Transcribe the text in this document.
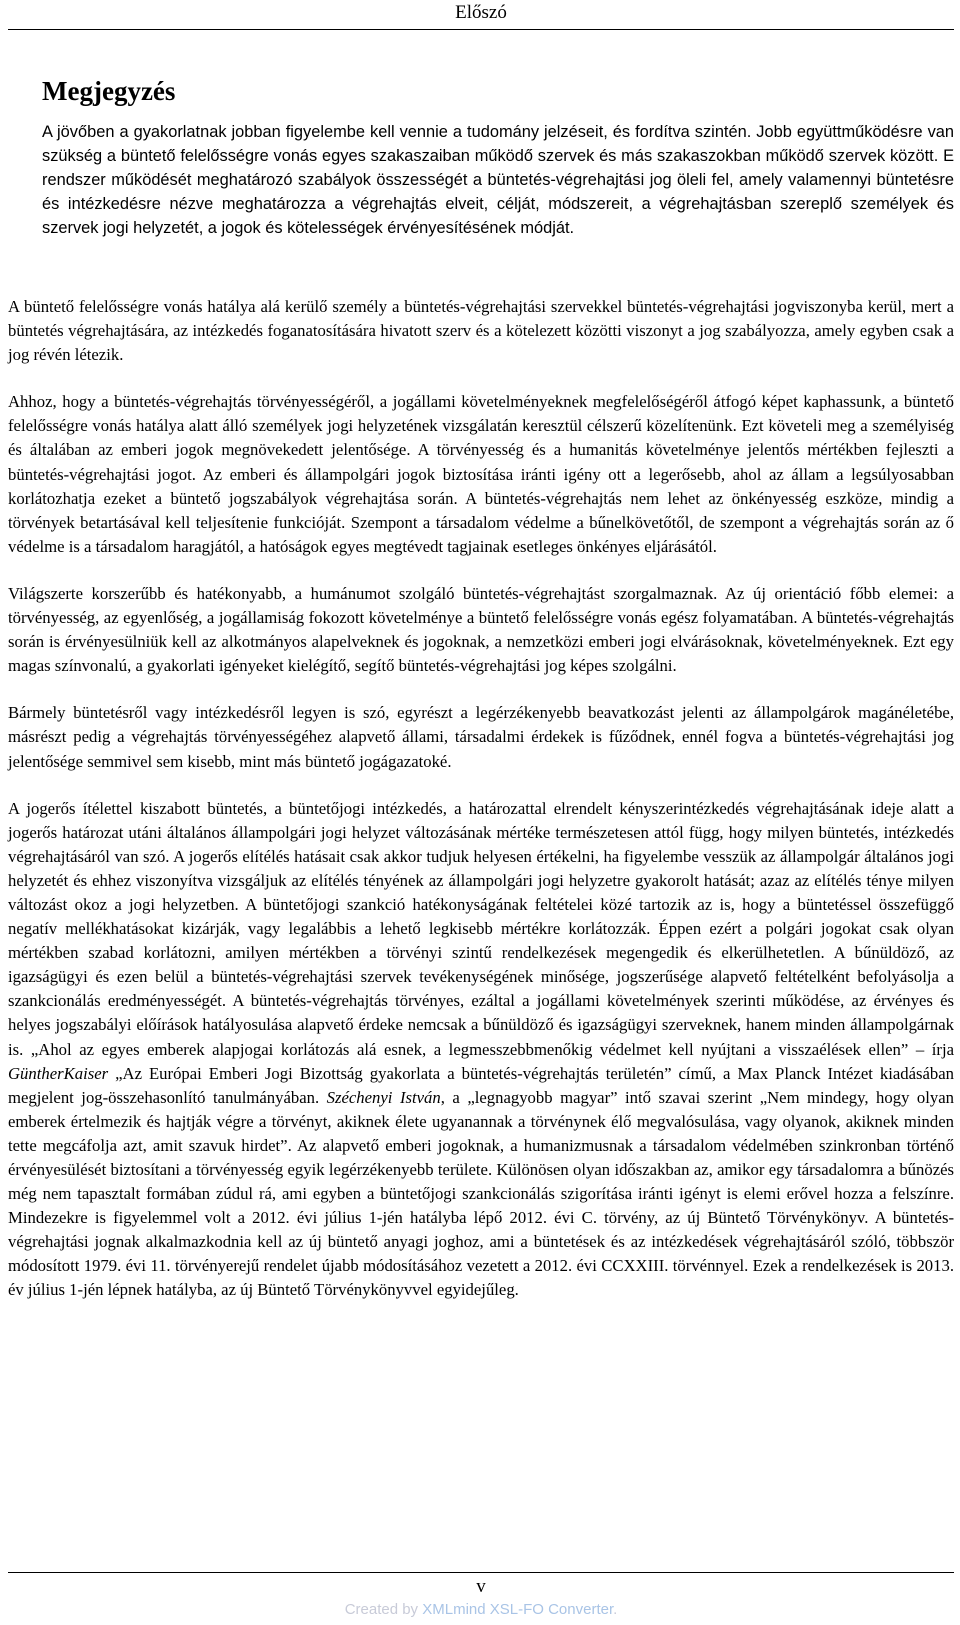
Előszó
Megjegyzés

A jövőben a gyakorlatnak jobban figyelembe kell vennie a tudomány jelzéseit, és fordítva szintén. Jobb együttműködésre van szükség a büntető felelősségre vonás egyes szakaszaiban működő szervek és más szakaszokban működő szervek között. E rendszer működését meghatározó szabályok összességét a büntetés-végrehajtási jog öleli fel, amely valamennyi büntetésre és intézkedésre nézve meghatározza a végrehajtás elveit, célját, módszereit, a végrehajtásban szereplő személyek és szervek jogi helyzetét, a jogok és kötelességek érvényesítésének módját.

A büntető felelősségre vonás hatálya alá kerülő személy a büntetés-végrehajtási szervekkel büntetés-végrehajtási jogviszonyba kerül, mert a büntetés végrehajtására, az intézkedés foganatosítására hivatott szerv és a kötelezett közötti viszonyt a jog szabályozza, amely egyben csak a jog révén létezik.

Ahhoz, hogy a büntetés-végrehajtás törvényességéről, a jogállami követelményeknek megfelelőségéről átfogó képet kaphassunk, a büntető felelősségre vonás hatálya alatt álló személyek jogi helyzetének vizsgálatán keresztül célszerű közelítenünk. Ezt követeli meg a személyiség és általában az emberi jogok megnövekedett jelentősége. A törvényesség és a humanitás követelménye jelentős mértékben fejleszti a büntetés-végrehajtási jogot. Az emberi és állampolgári jogok biztosítása iránti igény ott a legerősebb, ahol az állam a legsúlyosabban korlátozhatja ezeket a büntető jogszabályok végrehajtása során. A büntetés-végrehajtás nem lehet az önkényesség eszköze, mindig a törvények betartásával kell teljesítenie funkcióját. Szempont a társadalom védelme a bűnelkövetőtől, de szempont a végrehajtás során az ő védelme is a társadalom haragjától, a hatóságok egyes megtévedt tagjainak esetleges önkényes eljárásától.

Világszerte korszerűbb és hatékonyabb, a humánumot szolgáló büntetés-végrehajtást szorgalmaznak. Az új orientáció főbb elemei: a törvényesség, az egyenlőség, a jogállamiság fokozott követelménye a büntető felelősségre vonás egész folyamatában. A büntetés-végrehajtás során is érvényesülniük kell az alkotmányos alapelveknek és jogoknak, a nemzetközi emberi jogi elvárásoknak, követelményeknek. Ezt egy magas színvonalú, a gyakorlati igényeket kielégítő, segítő büntetés-végrehajtási jog képes szolgálni.

Bármely büntetésről vagy intézkedésről legyen is szó, egyrészt a legérzékenyebb beavatkozást jelenti az állampolgárok magánéletébe, másrészt pedig a végrehajtás törvényességéhez alapvető állami, társadalmi érdekek is fűződnek, ennél fogva a büntetés-végrehajtási jog jelentősége semmivel sem kisebb, mint más büntető jogágazatoké.

A jogerős ítélettel kiszabott büntetés, a büntetőjogi intézkedés, a határozattal elrendelt kényszerintézkedés végrehajtásának ideje alatt a jogerős határozat utáni általános állampolgári jogi helyzet változásának mértéke természetesen attól függ, hogy milyen büntetés, intézkedés végrehajtásáról van szó. A jogerős elítélés hatásait csak akkor tudjuk helyesen értékelni, ha figyelembe vesszük az állampolgár általános jogi helyzetét és ehhez viszonyítva vizsgáljuk az elítélés tényének az állampolgári jogi helyzetre gyakorolt hatását; azaz az elítélés ténye milyen változást okoz a jogi helyzetben. A büntetőjogi szankció hatékonyságának feltételei közé tartozik az is, hogy a büntetéssel összefüggő negatív mellékhatásokat kizárják, vagy legalábbis a lehető legkisebb mértékre korlátozzák. Éppen ezért a polgári jogokat csak olyan mértékben szabad korlátozni, amilyen mértékben a törvényi szintű rendelkezések megengedik és elkerülhetetlen. A bűnüldöző, az igazságügyi és ezen belül a büntetés-végrehajtási szervek tevékenységének minősége, jogszerűsége alapvető feltételként befolyásolja a szankcionálás eredményességét. A büntetés-végrehajtás törvényes, ezáltal a jogállami követelmények szerinti működése, az érvényes és helyes jogszabályi előírások hatályosulása alapvető érdeke nemcsak a bűnüldöző és igazságügyi szerveknek, hanem minden állampolgárnak is. „Ahol az egyes emberek alapjogai korlátozás alá esnek, a legmesszebbmenőkig védelmet kell nyújtani a visszaélések ellen” – írja GüntherKaiser „Az Európai Emberi Jogi Bizottság gyakorlata a büntetés-végrehajtás területén” című, a Max Planck Intézet kiadásában megjelent jog-összehasonlító tanulmányában. Széchenyi István, a „legnagyobb magyar” intő szavai szerint „Nem mindegy, hogy olyan emberek értelmezik és hajtják végre a törvényt, akiknek élete ugyanannak a törvénynek élő megvalósulása, vagy olyanok, akiknek minden tette megcáfolja azt, amit szavuk hirdet”. Az alapvető emberi jogoknak, a humanizmusnak a társadalom védelmében szinkronban történő érvényesülését biztosítani a törvényesség egyik legérzékenyebb területe. Különösen olyan időszakban az, amikor egy társadalomra a bűnözés még nem tapasztalt formában zúdul rá, ami egyben a büntetőjogi szankcionálás szigorítása iránti igényt is elemi erővel hozza a felszínre. Mindezekre is figyelemmel volt a 2012. évi július 1-jén hatályba lépő 2012. évi C. törvény, az új Büntető Törvénykönyv. A büntetés-végrehajtási jognak alkalmazkodnia kell az új büntető anyagi joghoz, ami a büntetések és az intézkedések végrehajtásáról szóló, többször módosított 1979. évi 11. törvényerejű rendelet újabb módosításához vezetett a 2012. évi CCXXIII. törvénnyel. Ezek a rendelkezések is 2013. év július 1-jén lépnek hatályba, az új Büntető Törvénykönyvvel egyidejűleg.

v
Created by XMLmind XSL-FO Converter.
